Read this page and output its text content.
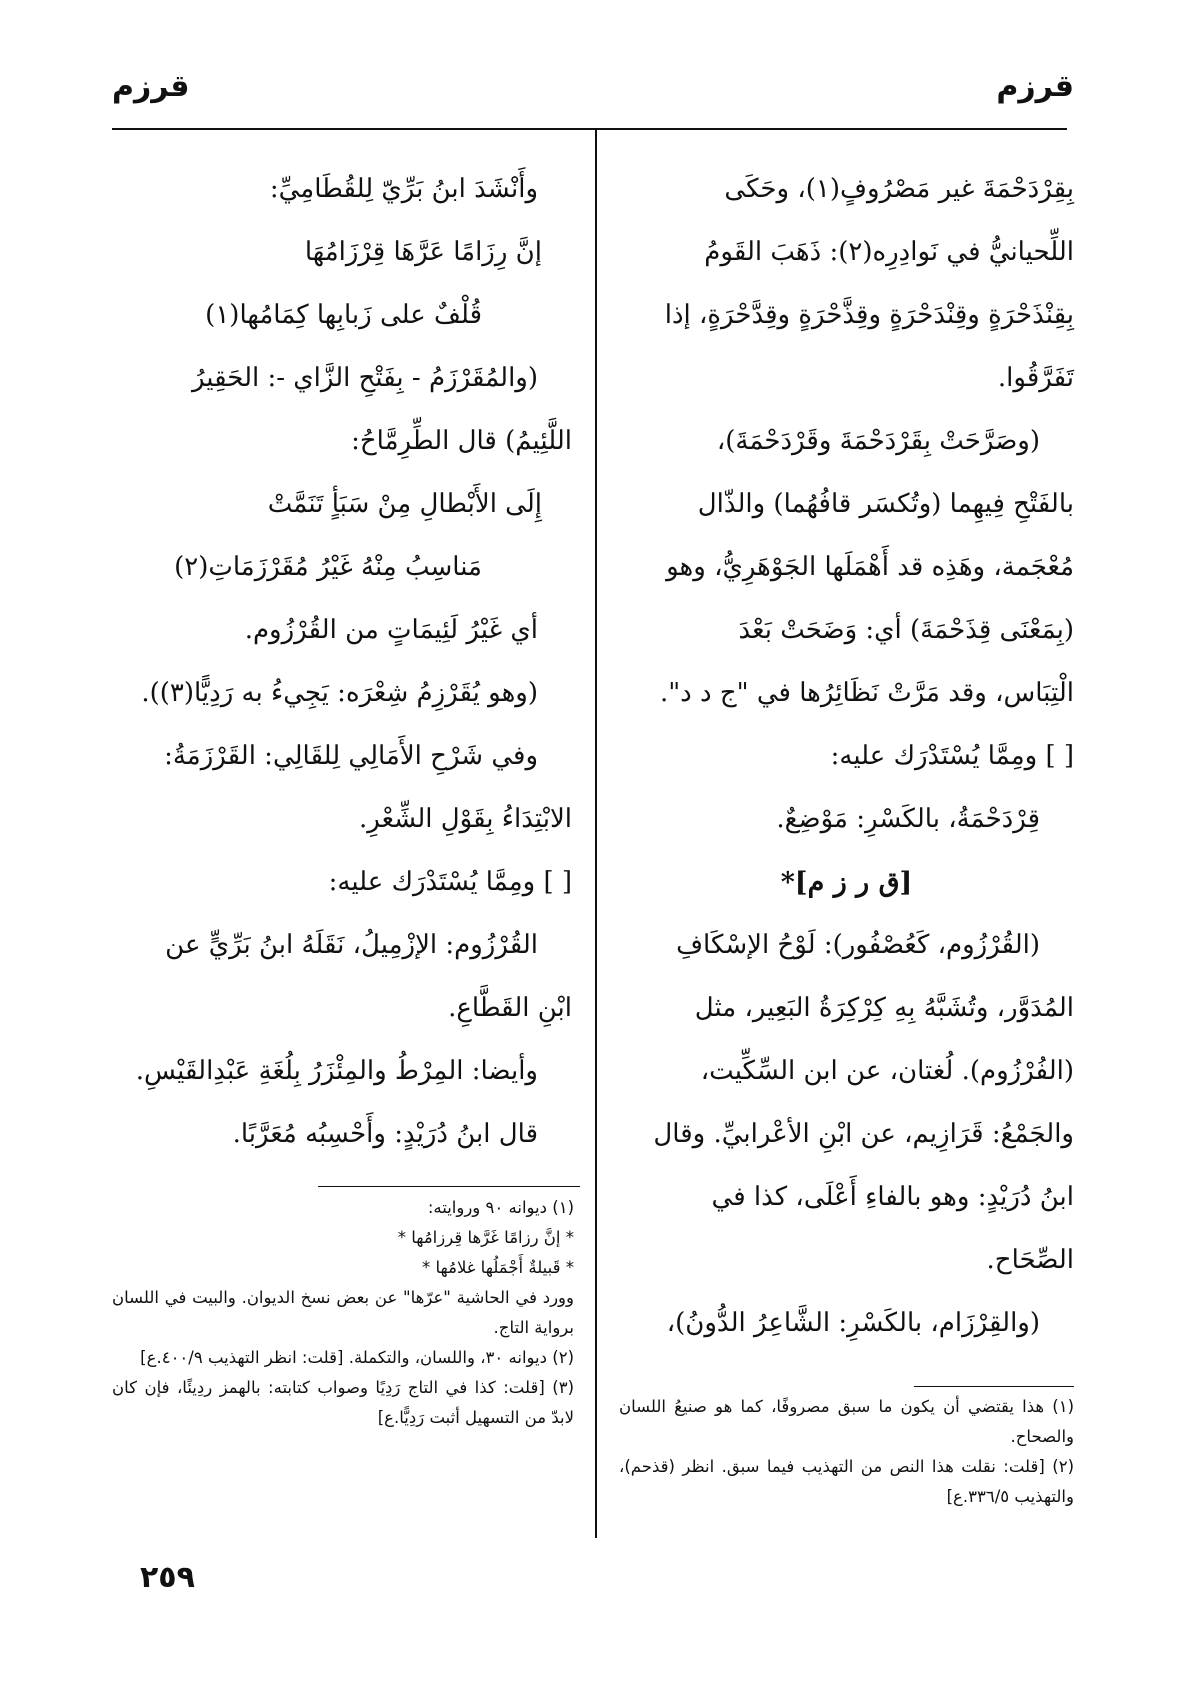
قرزم
قرزم

بِقِرْدَحْمَةَ غير مَصْرُوفٍ(١)، وحَكَى

اللِّحيانيُّ في نَوادِرِه(٢): ذَهَبَ القَومُ

بِقِنْذَحْرَةٍ وقِنْدَحْرَةٍ وقِذَّحْرَةٍ وقِدَّحْرَةٍ، إذا

تَفَرَّقُوا.

(وصَرَّحَتْ بِقَرْدَحْمَةَ وقَرْدَحْمَةَ)،

بالفَتْحِ فِيهِما (وتُكسَر قافُهُما) والذّال

مُعْجَمة، وهَذِه قد أَهْمَلَها الجَوْهَرِيُّ، وهو

(بِمَعْنَى قِذَحْمَةَ) أي: وَضَحَتْ بَعْدَ

الْتِبَاس، وقد مَرَّتْ نَظَائِرُها في "ج د د".

[ ] ومِمَّا يُسْتَدْرَك عليه:

قِرْدَحْمَةُ، بالكَسْرِ: مَوْضِعٌ.

[ق ر ز م]*

(القُرْزُوم، كَعُصْفُور): لَوْحُ الإسْكَافِ

المُدَوَّر، وتُشَبَّهُ بِهِ كِرْكِرَةُ البَعِير، مثل

(الفُرْزُوم). لُغتان، عن ابن السِّكِّيت،

والجَمْعُ: قَرَازِيم، عن ابْنِ الأعْرابيِّ. وقال

ابنُ دُرَيْدٍ: وهو بالفاءِ أَعْلَى، كذا في

الصِّحَاح.

(والقِرْزَام، بالكَسْرِ: الشَّاعِرُ الدُّونُ)،

وأَنْشَدَ ابنُ بَرِّيّ لِلقُطَامِيِّ:

إنَّ رِزَامًا عَرَّهَا قِرْزَامُهَا

قُلْفٌ على زَبابِها كِمَامُها(١)

(والمُقَرْزَمُ - بِفَتْحِ الزَّاي -: الحَقِيرُ

اللَّئِيمُ) قال الطِّرِمَّاحُ:

إِلَى الأَبْطالِ مِنْ سَبَأٍ تَنَمَّتْ

مَناسِبُ مِنْهُ غَيْرُ مُقَرْزَمَاتِ(٢)

أي غَيْرُ لَئِيمَاتٍ من القُرْزُوم.

(وهو يُقَرْزِمُ شِعْرَه: يَجِيءُ به رَدِيًّا(٣)).

وفي شَرْحِ الأَمَالِي لِلقَالِي: القَرْزَمَةُ:

الابْتِدَاءُ بِقَوْلِ الشِّعْرِ.

[ ] ومِمَّا يُسْتَدْرَك عليه:

القُرْزُوم: الإزْمِيلُ، نَقَلَهُ ابنُ بَرِّيٍّ عن

ابْنِ القَطَّاعِ.

وأيضا: المِرْطُ والمِئْزَرُ بِلُغَةِ عَبْدِالقَيْسِ.

قال ابنُ دُرَيْدٍ: وأَحْسِبُه مُعَرَّبًا.

(١) هذا يقتضي أن يكون ما سبق مصروفًا، كما هو صنيعُ اللسان والصحاح.

(٢) [قلت: نقلت هذا النص من التهذيب فيما سبق. انظر (قذحم)، والتهذيب ٣٣٦/٥.ع]

(١) ديوانه ٩٠ وروايته:

* إنَّ رزامًا غَرَّها قِرزامُها *

* قَبيلةٌ أَجْمَلُها غلامُها *

وورد في الحاشية "عرّها" عن بعض نسخ الديوان. والبيت في اللسان برواية التاج.

(٢) ديوانه ٣٠، واللسان، والتكملة. [قلت: انظر التهذيب ٤٠٠/٩.ع]

(٣) [قلت: كذا في التاج رَدِيًا وصواب كتابته: بالهمز ردِيئًا، فإن كان لابدّ من التسهيل أثبت رَدِيًّا.ع]

٢٥٩
